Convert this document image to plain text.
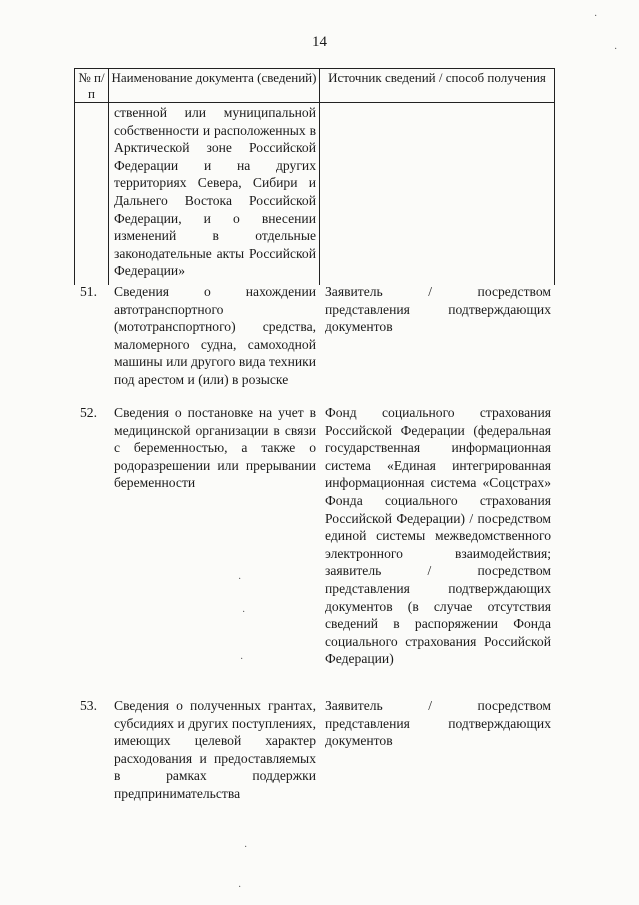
14
№ п/п
Наименование документа (сведений) Источник сведений / способ получения
ственной или муниципальной собственности и расположенных в Арктической зоне Российской Федерации и на других территориях Севера, Сибири и Дальнего Востока Российской Федерации, и о внесении изменений в отдельные законодательные акты Российской Федерации»
51. Сведения о нахождении автотранспортного (мототранспортного) средства, маломерного судна, самоходной машины или другого вида техники под арестом и (или) в розыске
Заявитель / посредством представления подтверждающих документов
52. Сведения о постановке на учет в медицинской организации в связи с беременностью, а также о родоразрешении или прерывании беременности
Фонд социального страхования Российской Федерации (федеральная государственная информационная система «Единая интегрированная информационная система «Соцстрах» Фонда социального страхования Российской Федерации) / посредством единой системы межведомственного электронного взаимодействия; заявитель / посредством представления подтверждающих документов (в случае отсутствия сведений в распоряжении Фонда социального страхования Российской Федерации)
53. Сведения о полученных грантах, субсидиях и других поступлениях, имеющих целевой характер расходования и предоставляемых в рамках поддержки предпринимательства
Заявитель / посредством представления подтверждающих документов
·
·
·
·
·
·
·
